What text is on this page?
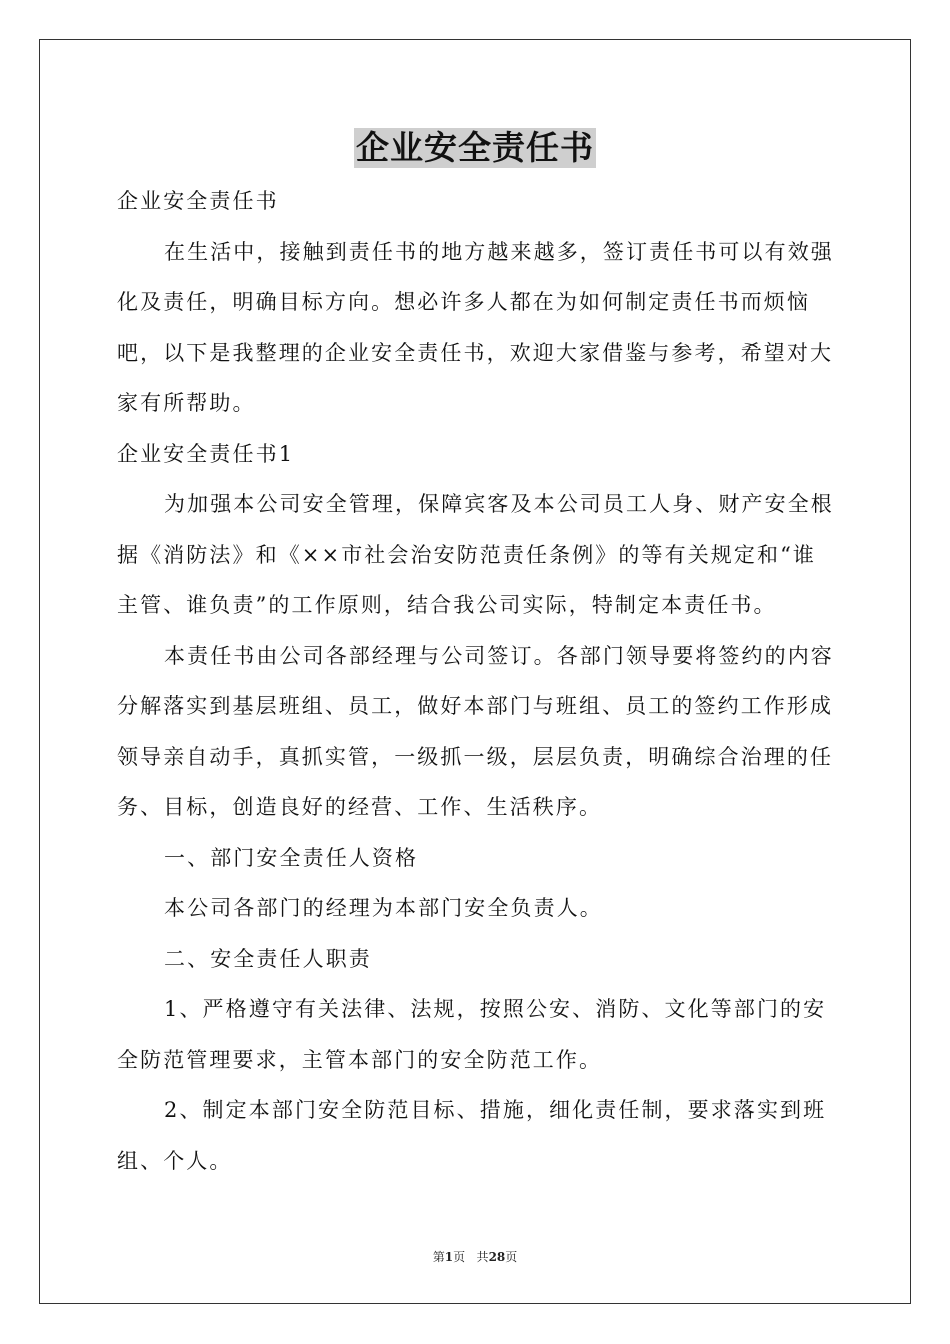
企业安全责任书

企业安全责任书

在生活中，接触到责任书的地方越来越多，签订责任书可以有效强化及责任，明确目标方向。想必许多人都在为如何制定责任书而烦恼吧，以下是我整理的企业安全责任书，欢迎大家借鉴与参考，希望对大家有所帮助。

企业安全责任书1

为加强本公司安全管理，保障宾客及本公司员工人身、财产安全根据《消防法》和《××市社会治安防范责任条例》的等有关规定和“谁主管、谁负责”的工作原则，结合我公司实际，特制定本责任书。

本责任书由公司各部经理与公司签订。各部门领导要将签约的内容分解落实到基层班组、员工，做好本部门与班组、员工的签约工作形成领导亲自动手，真抓实管，一级抓一级，层层负责，明确综合治理的任务、目标，创造良好的经营、工作、生活秩序。

一、部门安全责任人资格

本公司各部门的经理为本部门安全负责人。

二、安全责任人职责

1、严格遵守有关法律、法规，按照公安、消防、文化等部门的安全防范管理要求，主管本部门的安全防范工作。

2、制定本部门安全防范目标、措施，细化责任制，要求落实到班组、个人。

第1页 共28页
